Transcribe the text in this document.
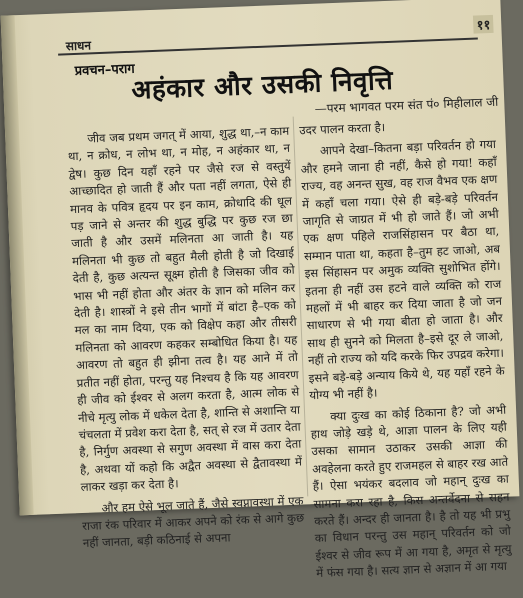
साधन
११
प्रवचन–पराग
अहंकार और उसकी निवृत्ति
—परम भागवत परम संत पं० मिहीलाल जी

जीव जब प्रथम जगत् में आया, शुद्ध था,–न काम था, न क्रोध, न लोभ था, न मोह, न अहंकार था, न द्वेष। कुछ दिन यहाँ रहने पर जैसे रज से वस्तुयें आच्छादित हो जाती हैं और पता नहीं लगता, ऐसे ही मानव के पवित्र हृदय पर इन काम, क्रोधादि की धूल पड़ जाने से अन्तर की शुद्ध बुद्धि पर कुछ रज छा जाती है और उसमें मलिनता आ जाती है। यह मलिनता भी कुछ तो बहुत मैली होती है जो दिखाई देती है, कुछ अत्यन्त सूक्ष्म होती है जिसका जीव को भास भी नहीं होता और अंतर के ज्ञान को मलिन कर देती है। शास्त्रों ने इसे तीन भागों में बांटा है–एक को मल का नाम दिया, एक को विक्षेप कहा और तीसरी मलिनता को आवरण कहकर सम्बोधित किया है। यह आवरण तो बहुत ही झीना तत्व है। यह आने में तो प्रतीत नहीं होता, परन्तु यह निश्चय है कि यह आवरण ही जीव को ईश्वर से अलग करता है, आत्म लोक से नीचे मृत्यु लोक में धकेल देता है, शान्ति से अशान्ति या चंचलता में प्रवेश करा देता है, सत् से रज में उतार देता है, निर्गुण अवस्था से सगुण अवस्था में वास करा देता है, अथवा यों कहो कि अद्वैत अवस्था से द्वैतावस्था में लाकर खड़ा कर देता है।

और हम ऐसे भूल जाते हैं, जैसे स्वप्नावस्था में एक राजा रंक परिवार में आकर अपने को रंक से आगे कुछ नहीं जानता, बड़ी कठिनाई से अपना

उदर पालन करता है।

आपने देखा–कितना बड़ा परिवर्तन हो गया और हमने जाना ही नहीं, कैसे हो गया! कहाँ राज्य, वह अनन्त सुख, वह राज वैभव एक क्षण में कहाँ चला गया। ऐसे ही बड़े-बड़े परिवर्तन जागृति से जाग्रत में भी हो जाते हैं। जो अभी एक क्षण पहिले राजसिंहासन पर बैठा था, सम्मान पाता था, कहता है–तुम हट जाओ, अब इस सिंहासन पर अमुक व्यक्ति सुशोभित होंगे। इतना ही नहीं उस हटने वाले व्यक्ति को राज महलों में भी बाहर कर दिया जाता है जो जन साधारण से भी गया बीता हो जाता है। और साथ ही सुनने को मिलता है–इसे दूर ले जाओ, नहीं तो राज्य को यदि करके फिर उपद्रव करेगा। इसने बड़े-बड़े अन्याय किये थे, यह यहाँ रहने के योग्य भी नहीं है।

क्या दुःख का कोई ठिकाना है? जो अभी हाथ जोड़े खड़े थे, आज्ञा पालन के लिए यही उसका सामान उठाकर उसकी आज्ञा की अवहेलना करते हुए राजमहल से बाहर रख आते हैं। ऐसा भयंकर बदलाव जो महान् दुःख का सामना करा रहा है, किस अन्तर्वेदना से सहन करते हैं। अन्दर ही जानता है। है तो यह भी प्रभु का विधान परन्तु उस महान् परिवर्तन को जो ईश्वर से जीव रूप में आ गया है, अमृत से मृत्यु में फंस गया है। सत्य ज्ञान से अज्ञान में आ गया
